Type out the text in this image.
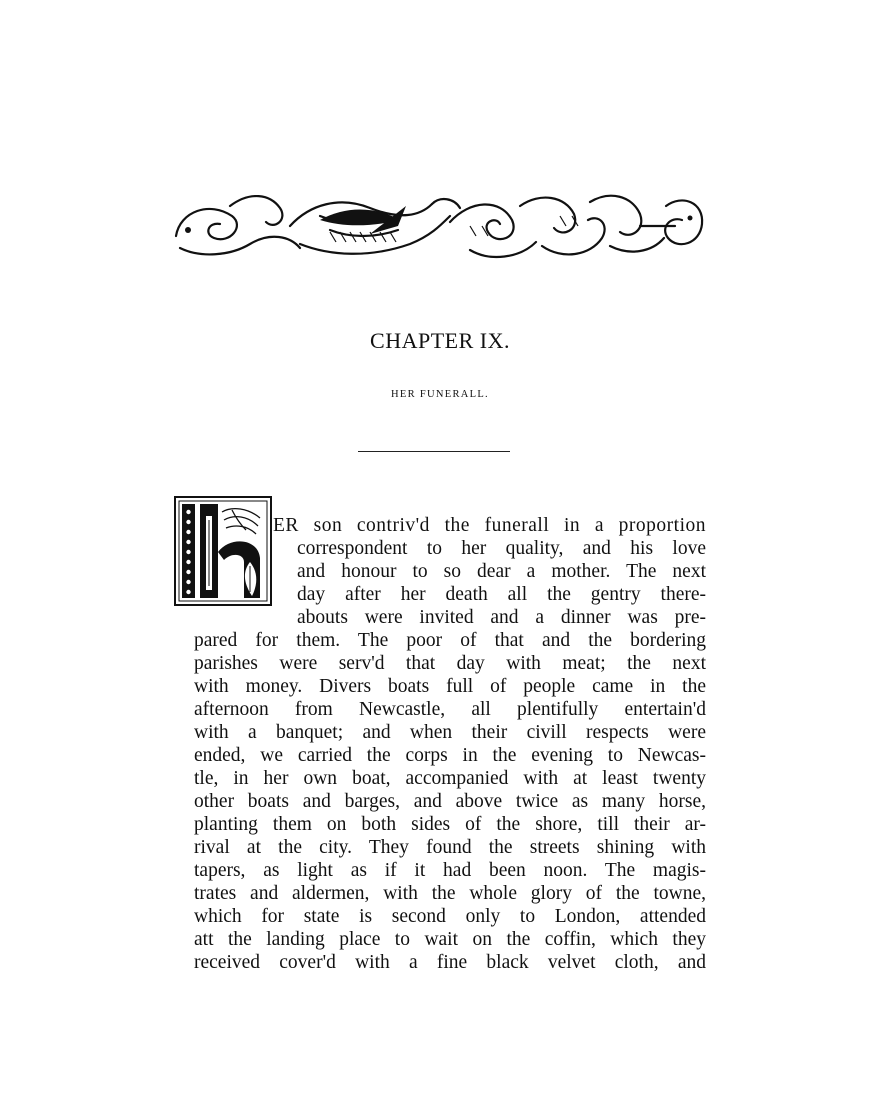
CHAPTER IX.

HER FUNERALL.

ER son contriv'd the funerall in a proportion
correspondent to her quality, and his love
and honour to so dear a mother. The next
day after her death all the gentry there-
abouts were invited and a dinner was pre-
pared for them. The poor of that and the bordering
parishes were serv'd that day with meat; the next
with money. Divers boats full of people came in the
afternoon from Newcastle, all plentifully entertain'd
with a banquet; and when their civill respects were
ended, we carried the corps in the evening to Newcas-
tle, in her own boat, accompanied with at least twenty
other boats and barges, and above twice as many horse,
planting them on both sides of the shore, till their ar-
rival at the city. They found the streets shining with
tapers, as light as if it had been noon. The magis-
trates and aldermen, with the whole glory of the towne,
which for state is second only to London, attended
att the landing place to wait on the coffin, which they
received cover'd with a fine black velvet cloth, and
